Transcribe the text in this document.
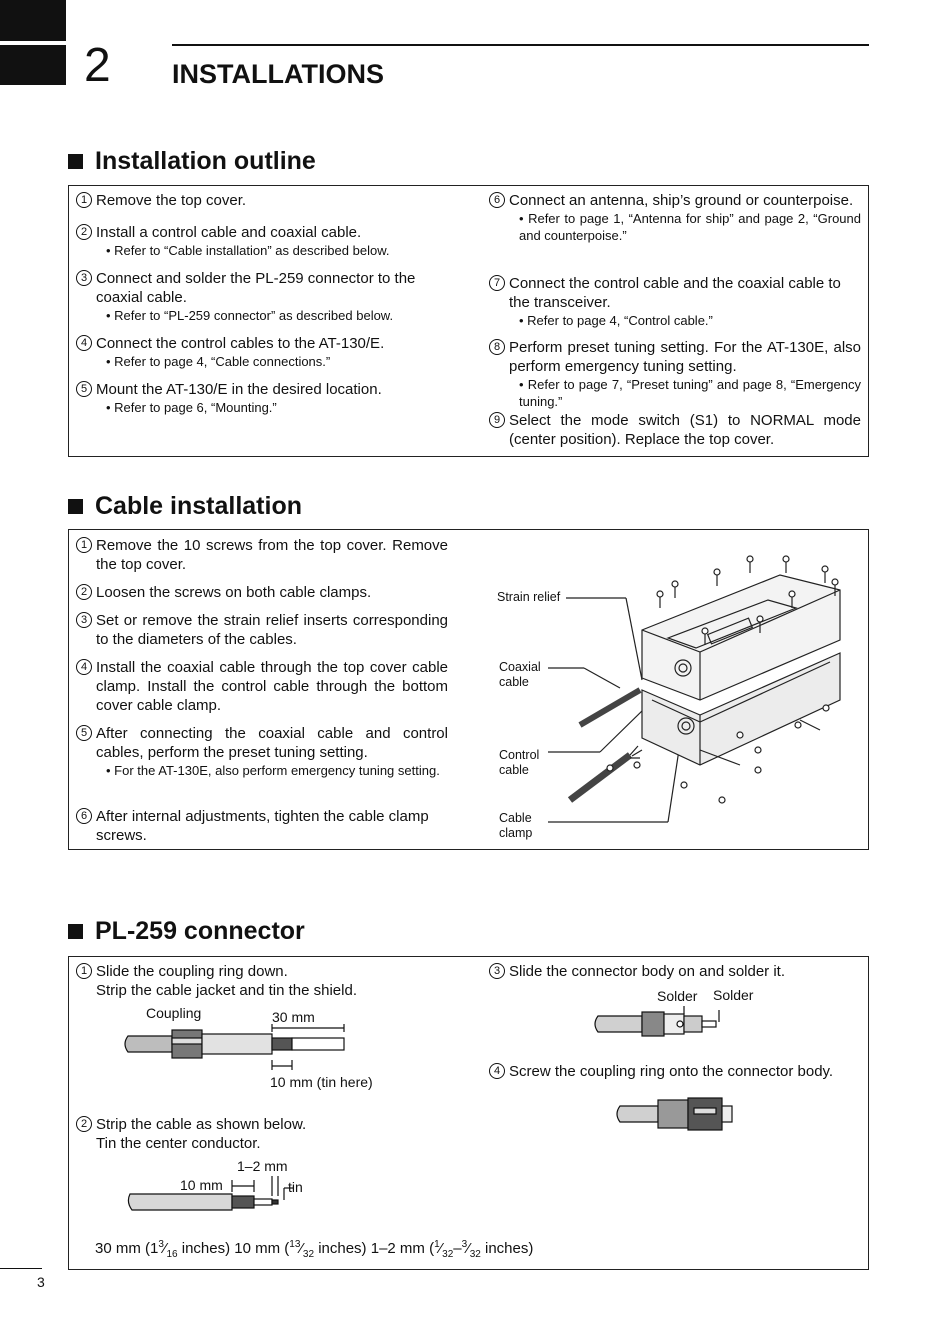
2 INSTALLATIONS
Installation outline
1 Remove the top cover.
2 Install a control cable and coaxial cable.
• Refer to “Cable installation” as described below.
3 Connect and solder the PL-259 connector to the coaxial cable.
• Refer to “PL-259 connector” as described below.
4 Connect the control cables to the AT-130/E.
• Refer to page 4, “Cable connections.”
5 Mount the AT-130/E in the desired location.
• Refer to page 6, “Mounting.”
6 Connect an antenna, ship’s ground or counterpoise.
• Refer to page 1, “Antenna for ship” and page 2, “Ground and counterpoise.”
7 Connect the control cable and the coaxial cable to the transceiver.
• Refer to page 4, “Control cable.”
8 Perform preset tuning setting. For the AT-130E, also perform emergency tuning setting.
• Refer to page 7, “Preset tuning” and page 8, “Emergency tuning.”
9 Select the mode switch (S1) to NORMAL mode (center position). Replace the top cover.
Cable installation
1 Remove the 10 screws from the top cover. Remove the top cover.
2 Loosen the screws on both cable clamps.
3 Set or remove the strain relief inserts corresponding to the diameters of the cables.
4 Install the coaxial cable through the top cover cable clamp. Install the control cable through the bottom cover cable clamp.
5 After connecting the coaxial cable and control cables, perform the preset tuning setting.
• For the AT-130E, also perform emergency tuning setting.
6 After internal adjustments, tighten the cable clamp screws.
Strain relief
Coaxial cable
Control cable
Cable clamp
PL-259 connector
1 Slide the coupling ring down.
Strip the cable jacket and tin the shield.
Coupling	30 mm
10 mm (tin here)
2 Strip the cable as shown below.
Tin the center conductor.
1–2 mm
10 mm	tin
3 Slide the connector body on and solder it.
Solder Solder
4 Screw the coupling ring onto the connector body.
30 mm ($1^3⁄_{16}$ inches) 10 mm ($^{13}⁄_{32}$ inches) 1–2 mm ($^1⁄_{32}-^3⁄_{32}$ inches)
3
